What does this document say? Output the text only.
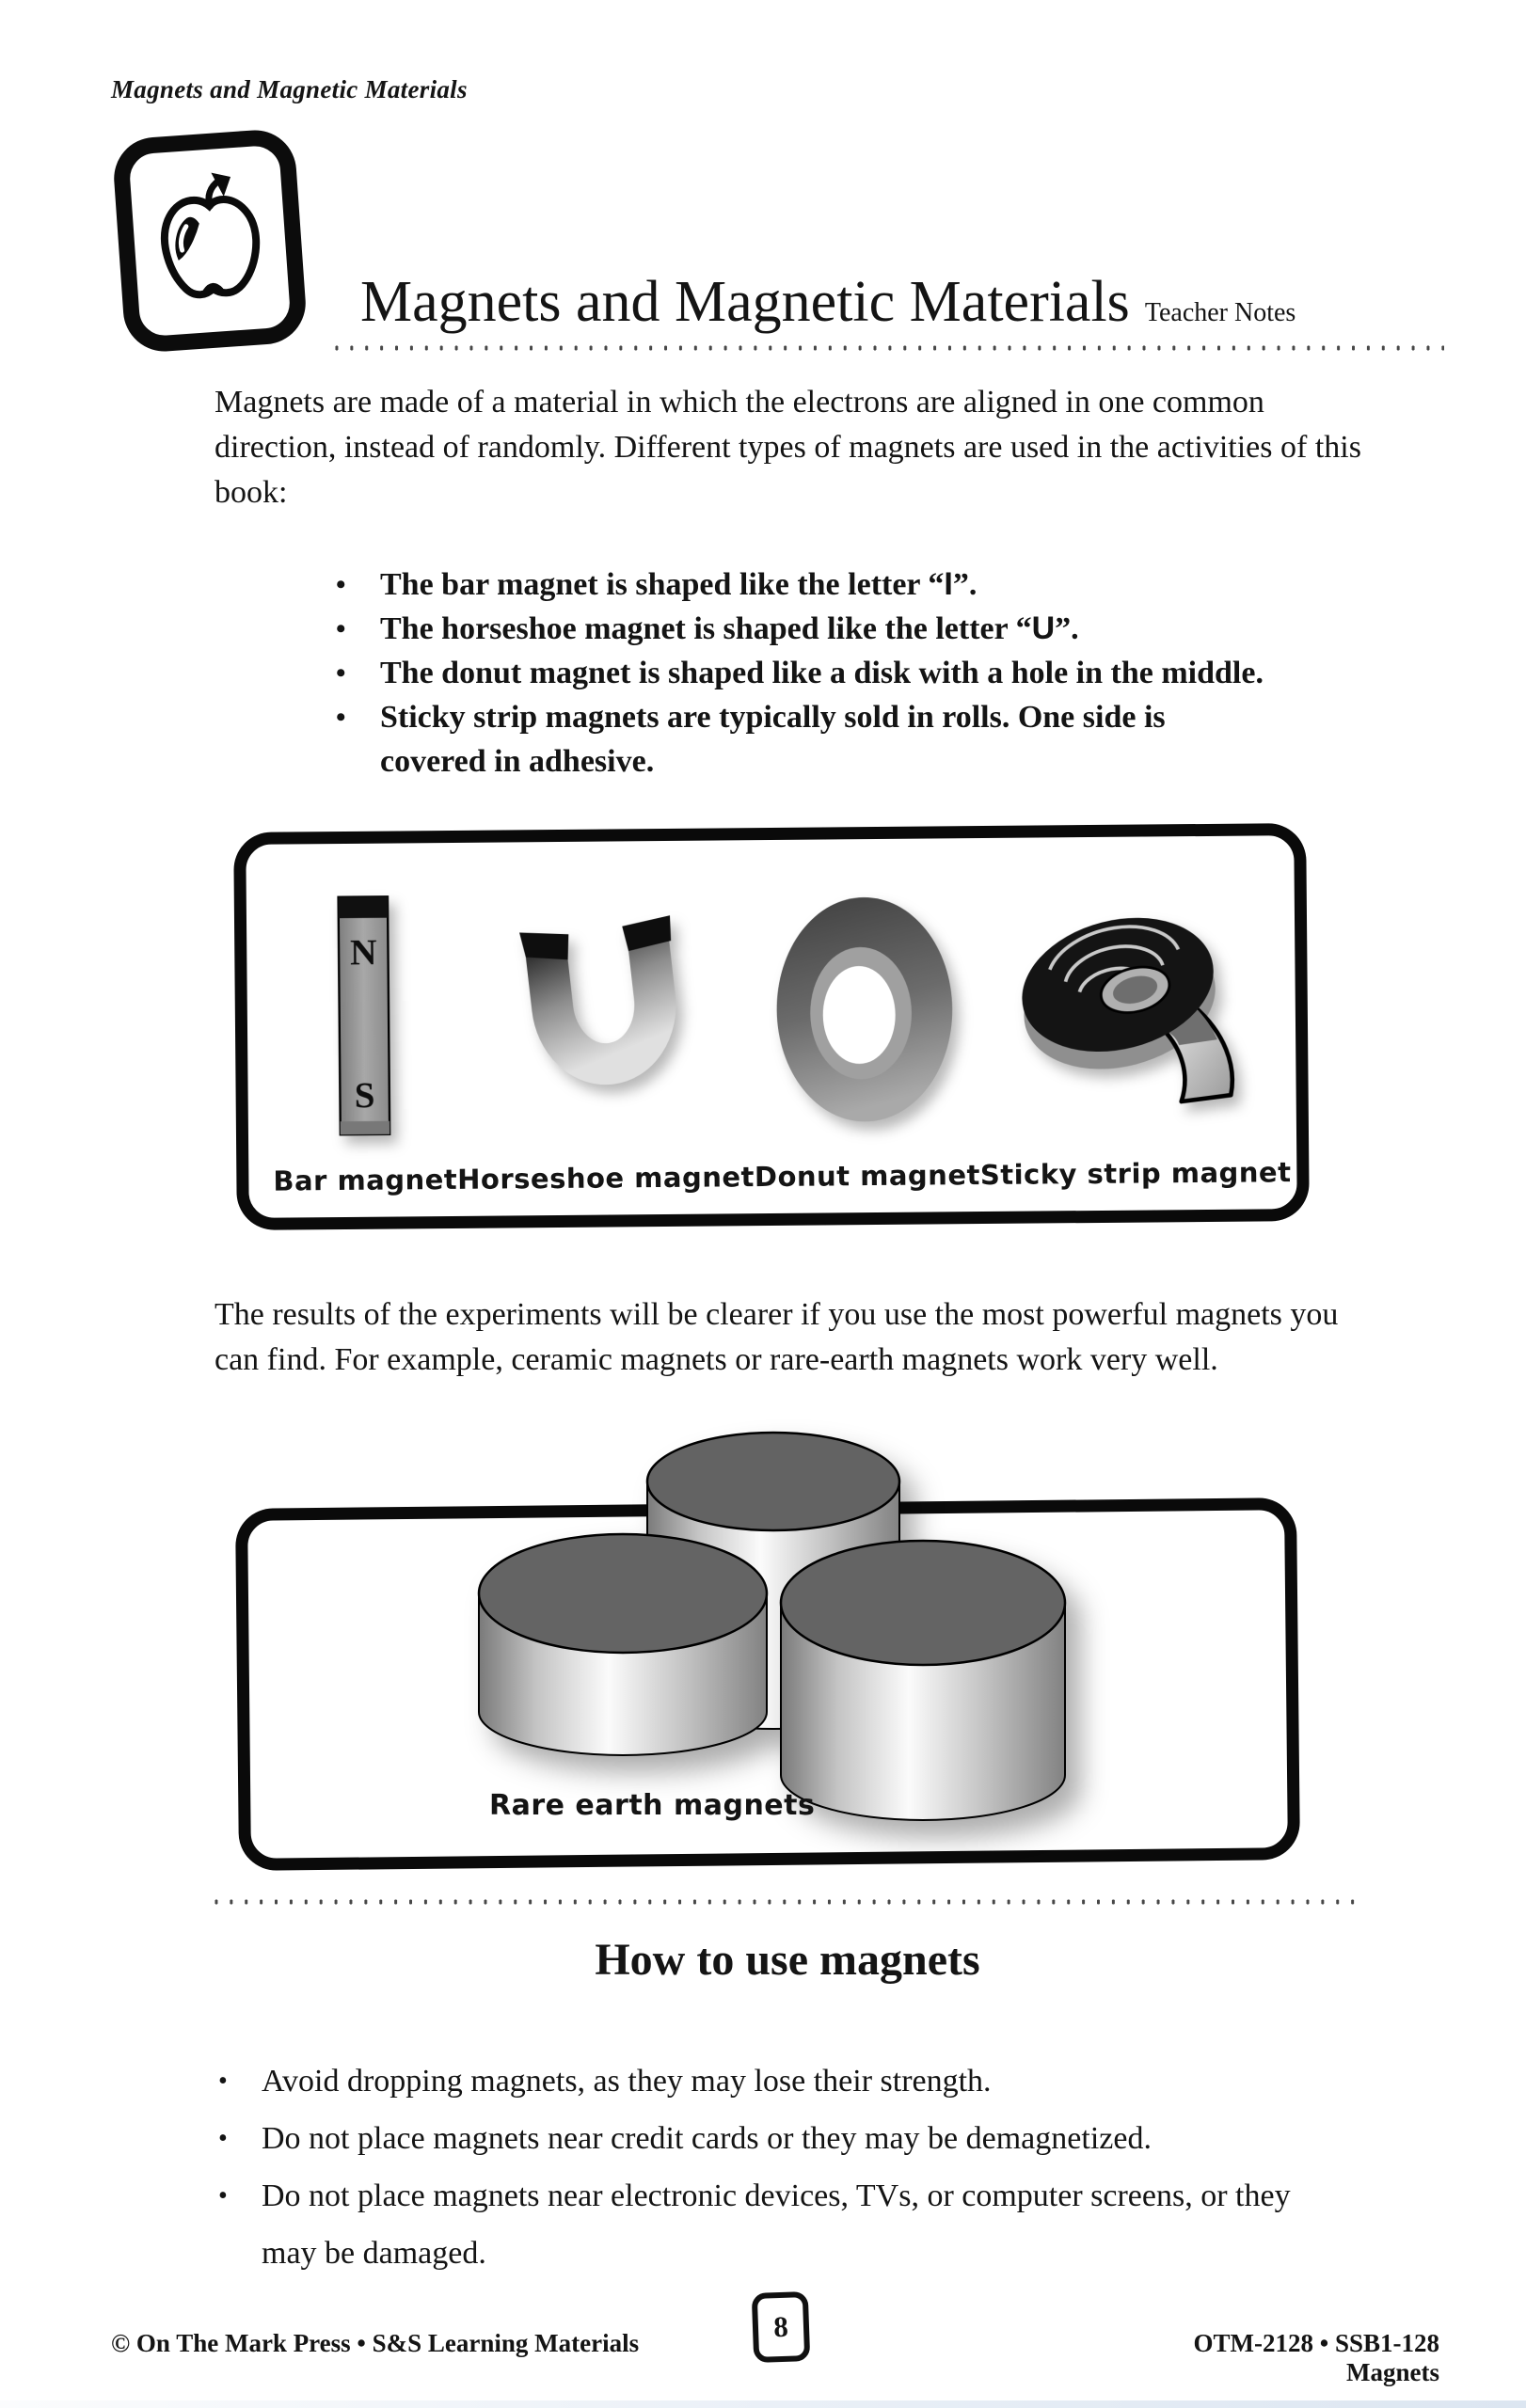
Magnets and Magnetic Materials
Magnets and Magnetic Materials Teacher Notes

Magnets are made of a material in which the electrons are aligned in one common direction, instead of randomly. Different types of magnets are used in the activities of this book:

•	The bar magnet is shaped like the letter “I”.
•	The horseshoe magnet is shaped like the letter “U”.
•	The donut magnet is shaped like a disk with a hole in the middle.
•	Sticky strip magnets are typically sold in rolls. One side is covered in adhesive.
N
S
Bar magnet Horseshoe magnet Donut magnet Sticky strip magnet

The results of the experiments will be clearer if you use the most powerful magnets you can find. For example, ceramic magnets or rare-earth magnets work very well.

Rare earth magnets
How to use magnets
•	Avoid dropping magnets, as they may lose their strength.
•	Do not place magnets near credit cards or they may be demagnetized.
•	Do not place magnets near electronic devices, TVs, or computer screens, or they may be damaged.
© On The Mark Press • S&S Learning Materials	8	OTM-2128 • SSB1-128 Magnets
